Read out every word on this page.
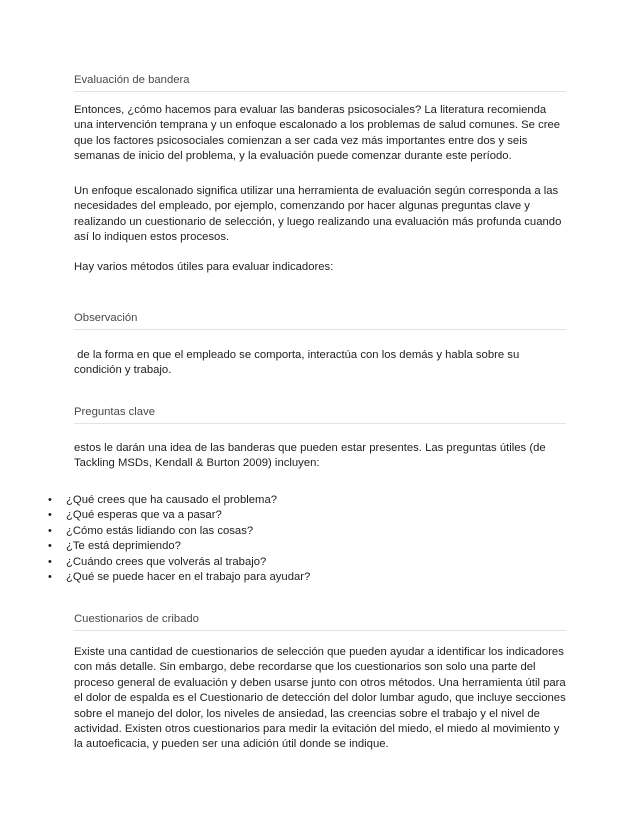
Evaluación de bandera

Entonces, ¿cómo hacemos para evaluar las banderas psicosociales? La literatura recomienda una intervención temprana y un enfoque escalonado a los problemas de salud comunes. Se cree que los factores psicosociales comienzan a ser cada vez más importantes entre dos y seis semanas de inicio del problema, y la evaluación puede comenzar durante este período.

Un enfoque escalonado significa utilizar una herramienta de evaluación según corresponda a las necesidades del empleado, por ejemplo, comenzando por hacer algunas preguntas clave y realizando un cuestionario de selección, y luego realizando una evaluación más profunda cuando así lo indiquen estos procesos.

Hay varios métodos útiles para evaluar indicadores:

Observación

de la forma en que el empleado se comporta, interactúa con los demás y habla sobre su condición y trabajo.

Preguntas clave

estos le darán una idea de las banderas que pueden estar presentes. Las preguntas útiles (de Tackling MSDs, Kendall & Burton 2009) incluyen:

• ¿Qué crees que ha causado el problema?
• ¿Qué esperas que va a pasar?
• ¿Cómo estás lidiando con las cosas?
• ¿Te está deprimiendo?
• ¿Cuándo crees que volverás al trabajo?
• ¿Qué se puede hacer en el trabajo para ayudar?
Cuestionarios de cribado

Existe una cantidad de cuestionarios de selección que pueden ayudar a identificar los indicadores con más detalle. Sin embargo, debe recordarse que los cuestionarios son solo una parte del proceso general de evaluación y deben usarse junto con otros métodos. Una herramienta útil para el dolor de espalda es el Cuestionario de detección del dolor lumbar agudo, que incluye secciones sobre el manejo del dolor, los niveles de ansiedad, las creencias sobre el trabajo y el nivel de actividad. Existen otros cuestionarios para medir la evitación del miedo, el miedo al movimiento y la autoeficacia, y pueden ser una adición útil donde se indique.
